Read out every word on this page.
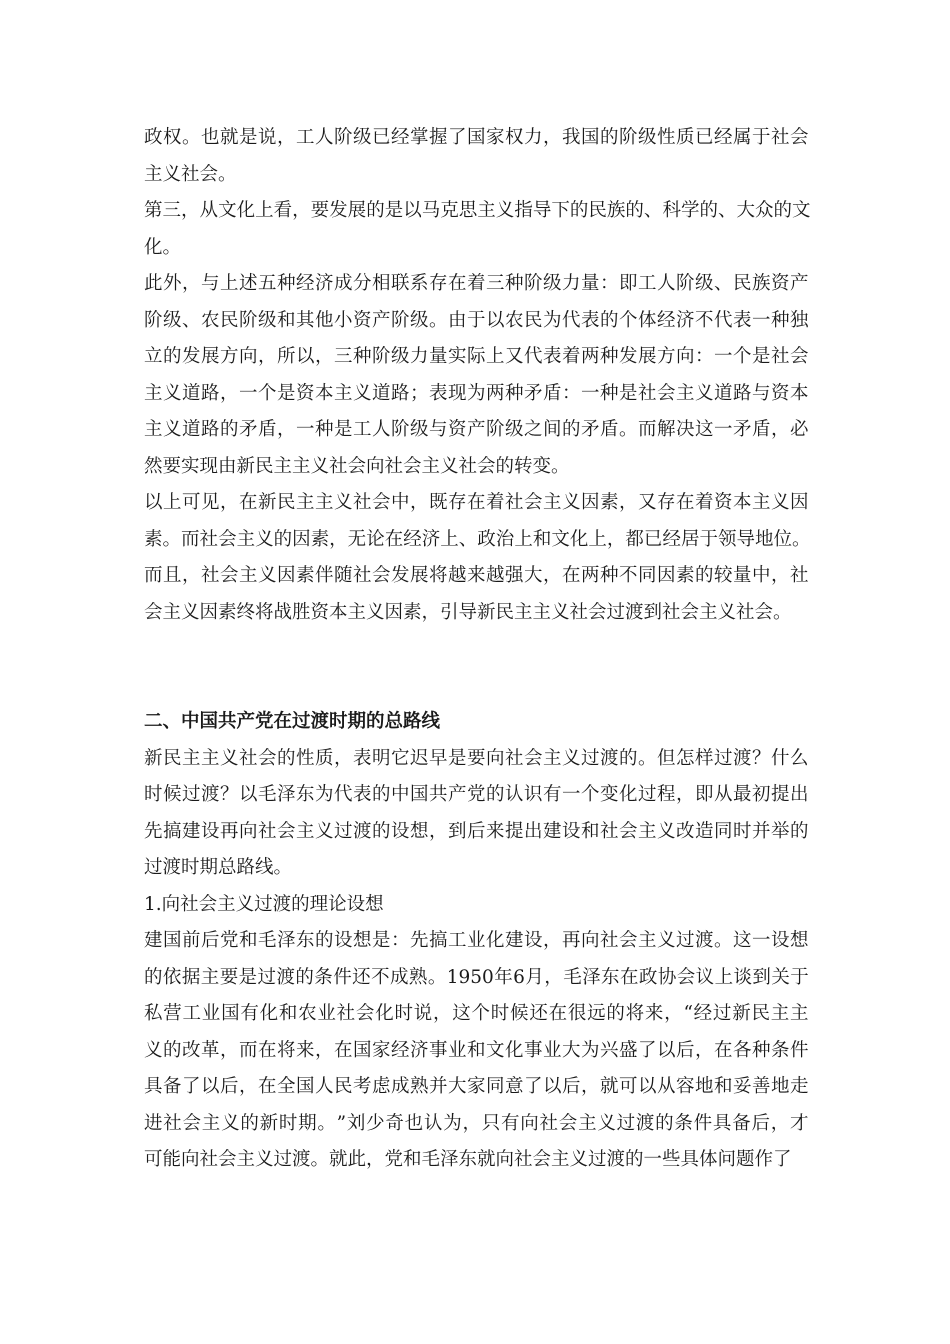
政 权 。 也 就 是 说 ， 工 人 阶 级 已 经 掌 握 了 国 家 权 力 ， 我 国 的 阶 级 性 质 已 经 属 于 社 会
主义社会。
第 三 ， 从 文 化 上 看 ， 要 发 展 的 是 以 马 克 思 主 义 指 导 下 的 民 族 的 、 科 学 的 、 大 众 的 文
化。
此 外 ， 与 上 述 五 种 经 济 成 分 相 联 系 存 在 着 三 种 阶 级 力 量 ： 即 工 人 阶 级 、 民 族 资 产
阶 级 、 农 民 阶 级 和 其 他 小 资 产 阶 级 。 由 于 以 农 民 为 代 表 的 个 体 经 济 不 代 表 一 种 独
立 的 发 展 方 向 ， 所 以 ， 三 种 阶 级 力 量 实 际 上 又 代 表 着 两 种 发 展 方 向 ： 一 个 是 社 会
主 义 道 路 ， 一 个 是 资 本 主 义 道 路 ； 表 现 为 两 种 矛 盾 ： 一 种 是 社 会 主 义 道 路 与 资 本
主 义 道 路 的 矛 盾 ， 一 种 是 工 人 阶 级 与 资 产 阶 级 之 间 的 矛 盾 。 而 解 决 这 一 矛 盾 ， 必
然要实现由新民主主义社会向社会主义社会的转变。
以 上 可 见 ， 在 新 民 主 主 义 社 会 中 ， 既 存 在 着 社 会 主 义 因 素 ， 又 存 在 着 资 本 主 义 因
素 。 而 社 会 主 义 的 因 素 ， 无 论 在 经 济 上 、 政 治 上 和 文 化 上 ， 都 已 经 居 于 领 导 地 位 。
而 且 ， 社 会 主 义 因 素 伴 随 社 会 发 展 将 越 来 越 强 大 ， 在 两 种 不 同 因 素 的 较 量 中 ， 社
会主义因素终将战胜资本主义因素，引导新民主主义社会过渡到社会主义社会。
二、中国共产党在过渡时期的总路线
新 民 主 主 义 社 会 的 性 质 ， 表 明 它 迟 早 是 要 向 社 会 主 义 过 渡 的 。 但 怎 样 过 渡 ？ 什 么
时 候 过 渡 ？ 以 毛 泽 东 为 代 表 的 中 国 共 产 党 的 认 识 有 一 个 变 化 过 程 ， 即 从 最 初 提 出
先 搞 建 设 再 向 社 会 主 义 过 渡 的 设 想 ， 到 后 来 提 出 建 设 和 社 会 主 义 改 造 同 时 并 举 的
过渡时期总路线。
1.向社会主义过渡的理论设想
建 国 前 后 党 和 毛 泽 东 的 设 想 是 ： 先 搞 工 业 化 建 设 ， 再 向 社 会 主 义 过 渡 。 这 一 设 想
的 依 据 主 要 是 过 渡 的 条 件 还 不 成 熟 。 1950 年 6 月 ， 毛 泽 东 在 政 协 会 议 上 谈 到 关 于
私 营 工 业 国 有 化 和 农 业 社 会 化 时 说 ， 这 个 时 候 还 在 很 远 的 将 来 ， “ 经 过 新 民 主 主
义 的 改 革 ， 而 在 将 来 ， 在 国 家 经 济 事 业 和 文 化 事 业 大 为 兴 盛 了 以 后 ， 在 各 种 条 件
具 备 了 以 后 ， 在 全 国 人 民 考 虑 成 熟 并 大 家 同 意 了 以 后 ， 就 可 以 从 容 地 和 妥 善 地 走
进 社 会 主 义 的 新 时 期 。 ” 刘 少 奇 也 认 为 ， 只 有 向 社 会 主 义 过 渡 的 条 件 具 备 后 ， 才
可能向社会主义过渡。就此，党和毛泽东就向社会主义过渡的一些具体问题作了
